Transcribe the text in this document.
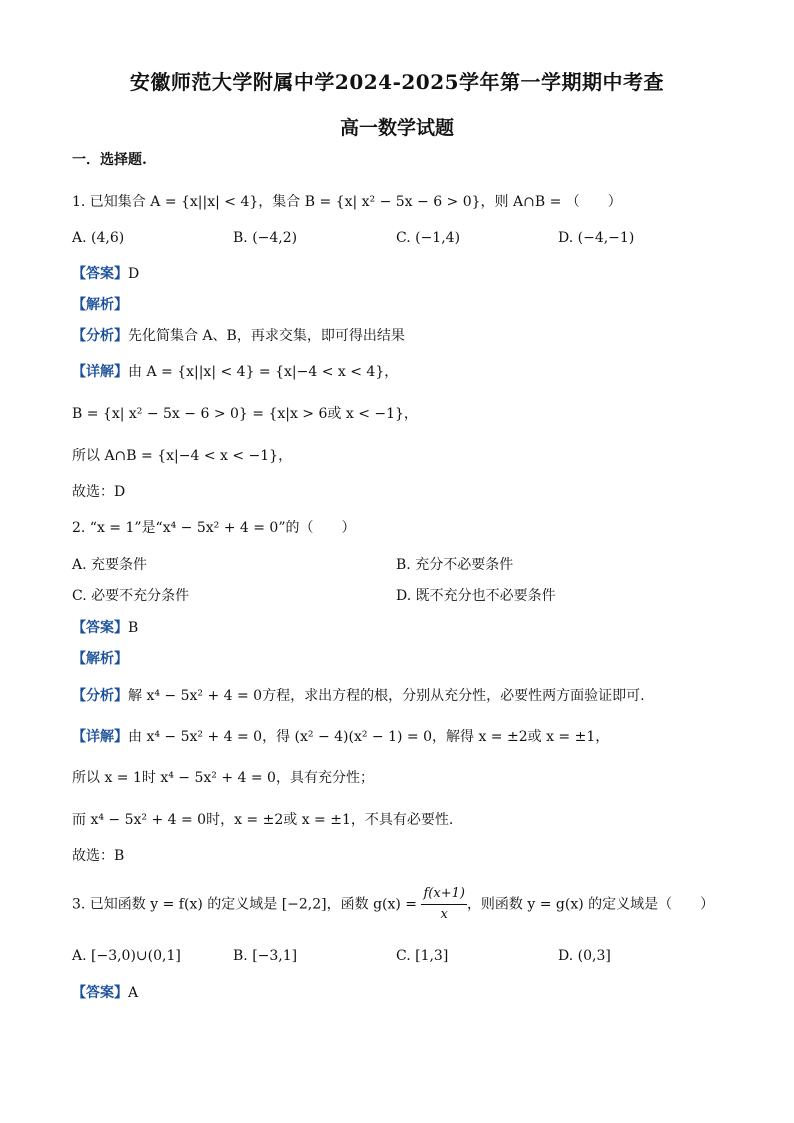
安徽师范大学附属中学2024-2025学年第一学期期中考查
高一数学试题
一．选择题.
1. 已知集合 A = {x||x| < 4}，集合 B = {x| x² − 5x − 6 > 0}，则 A∩B = （　　）
A. (4,6)	B. (−4,2)	C. (−1,4)	D. (−4,−1)
【答案】D
【解析】
【分析】先化简集合 A、B，再求交集，即可得出结果
【详解】由 A = {x||x| < 4} = {x|−4 < x < 4}，
B = {x| x² − 5x − 6 > 0} = {x|x > 6或 x < −1}，
所以 A∩B = {x|−4 < x < −1}，
故选：D
2. “x = 1”是“x⁴ − 5x² + 4 = 0”的（　　）
A. 充要条件	B. 充分不必要条件
C. 必要不充分条件	D. 既不充分也不必要条件
【答案】B
【解析】
【分析】解 x⁴ − 5x² + 4 = 0方程，求出方程的根，分别从充分性，必要性两方面验证即可.
【详解】由 x⁴ − 5x² + 4 = 0，得 (x² − 4)(x² − 1) = 0，解得 x = ±2或 x = ±1，
所以 x = 1时 x⁴ − 5x² + 4 = 0，具有充分性；
而 x⁴ − 5x² + 4 = 0时，x = ±2或 x = ±1，不具有必要性.
故选：B
3. 已知函数 y = f(x) 的定义域是 [−2,2]，函数 $g(x) = \frac{f(x+1)}{x}$ ，则函数 y = g(x) 的定义域是（　　）
A. [−3,0)∪(0,1]	B. [−3,1]	C. [1,3]	D. (0,3]
【答案】A
